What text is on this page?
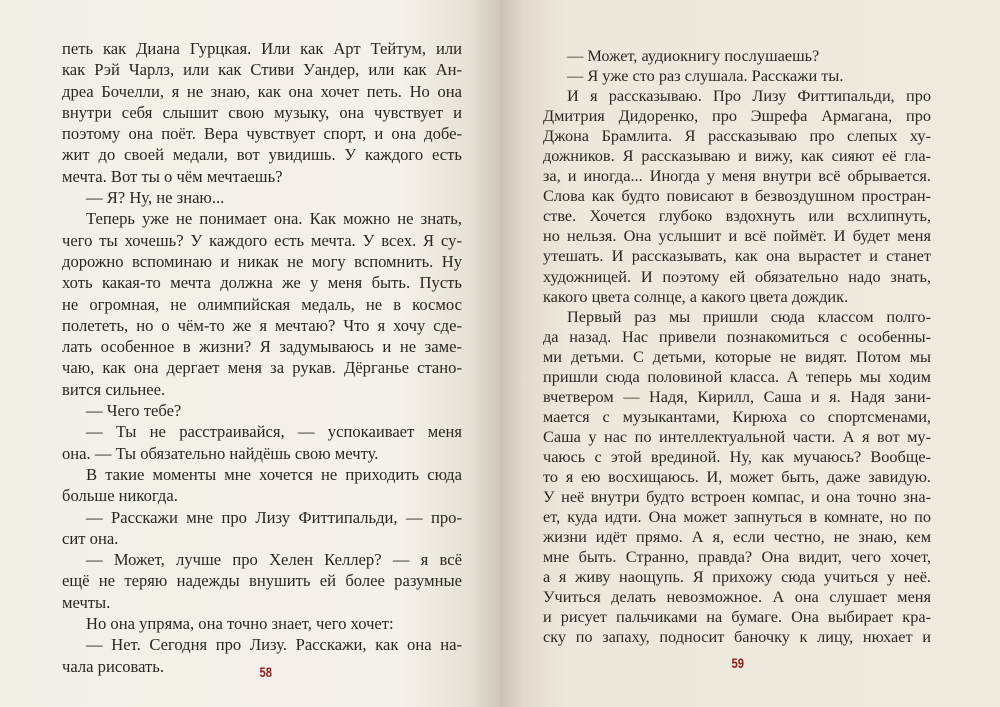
петь как Диана Гурцкая. Или как Арт Тейтум, или
как Рэй Чарлз, или как Стиви Уандер, или как Ан-
дреа Бочелли, я не знаю, как она хочет петь. Но она
внутри себя слышит свою музыку, она чувствует и
поэтому она поёт. Вера чувствует спорт, и она добе-
жит до своей медали, вот увидишь. У каждого есть
мечта. Вот ты о чём мечтаешь?
— Я? Ну, не знаю...
Теперь уже не понимает она. Как можно не знать,
чего ты хочешь? У каждого есть мечта. У всех. Я су-
дорожно вспоминаю и никак не могу вспомнить. Ну
хоть какая-то мечта должна же у меня быть. Пусть
не огромная, не олимпийская медаль, не в космос
полететь, но о чём-то же я мечтаю? Что я хочу сде-
лать особенное в жизни? Я задумываюсь и не заме-
чаю, как она дергает меня за рукав. Дёрганье стано-
вится сильнее.
— Чего тебе?
— Ты не расстраивайся, — успокаивает меня
она. — Ты обязательно найдёшь свою мечту.
В такие моменты мне хочется не приходить сюда
больше никогда.
— Расскажи мне про Лизу Фиттипальди, — про-
сит она.
— Может, лучше про Хелен Келлер? — я всё
ещё не теряю надежды внушить ей более разумные
мечты.
Но она упряма, она точно знает, чего хочет:
— Нет. Сегодня про Лизу. Расскажи, как она на-
чала рисовать.	58
— Может, аудиокнигу послушаешь?
— Я уже сто раз слушала. Расскажи ты.
И я рассказываю. Про Лизу Фиттипальди, про
Дмитрия Дидоренко, про Эшрефа Армагана, про
Джона Брамлита. Я рассказываю про слепых ху-
дожников. Я рассказываю и вижу, как сияют её гла-
за, и иногда... Иногда у меня внутри всё обрывается.
Слова как будто повисают в безвоздушном простран-
стве. Хочется глубоко вздохнуть или всхлипнуть,
но нельзя. Она услышит и всё поймёт. И будет меня
утешать. И рассказывать, как она вырастет и станет
художницей. И поэтому ей обязательно надо знать,
какого цвета солнце, а какого цвета дождик.
Первый раз мы пришли сюда классом полго-
да назад. Нас привели познакомиться с особенны-
ми детьми. С детьми, которые не видят. Потом мы
пришли сюда половиной класса. А теперь мы ходим
вчетвером — Надя, Кирилл, Саша и я. Надя зани-
мается с музыкантами, Кирюха со спортсменами,
Саша у нас по интеллектуальной части. А я вот му-
чаюсь с этой врединой. Ну, как мучаюсь? Вообще-
то я ею восхищаюсь. И, может быть, даже завидую.
У неё внутри будто встроен компас, и она точно зна-
ет, куда идти. Она может запнуться в комнате, но по
жизни идёт прямо. А я, если честно, не знаю, кем
мне быть. Странно, правда? Она видит, чего хочет,
а я живу наощупь. Я прихожу сюда учиться у неё.
Учиться делать невозможное. А она слушает меня
и рисует пальчиками на бумаге. Она выбирает кра-
ску по запаху, подносит баночку к лицу, нюхает и
59
